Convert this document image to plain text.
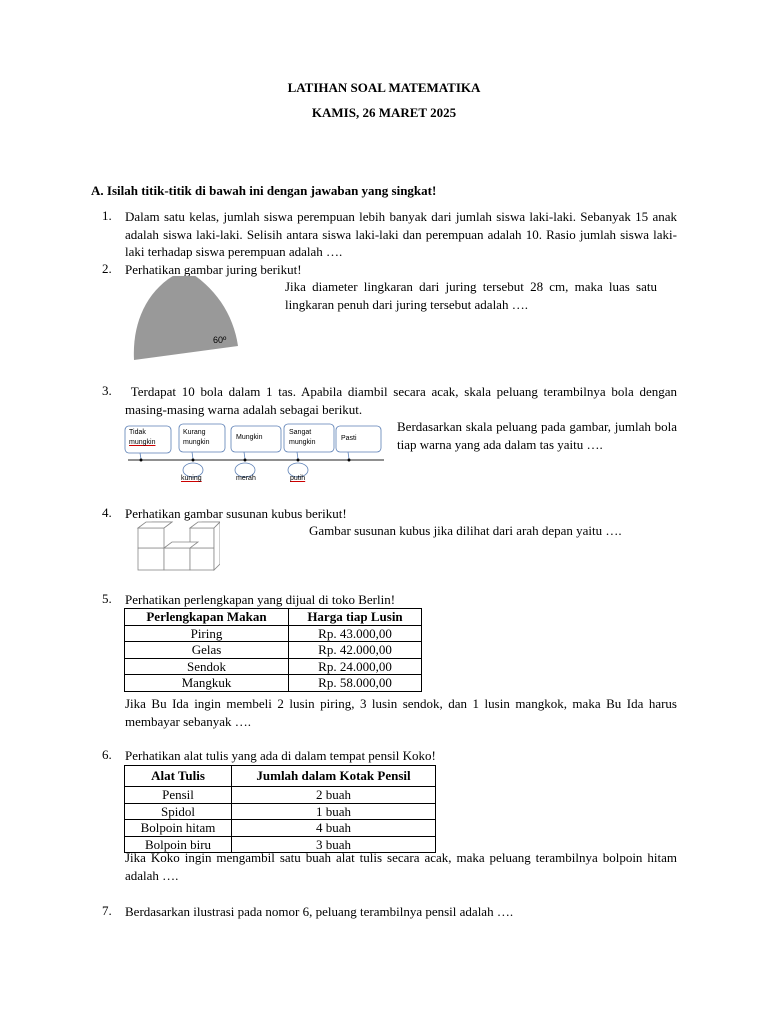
LATIHAN SOAL MATEMATIKA
KAMIS, 26 MARET 2025
A. Isilah titik-titik di bawah ini dengan jawaban yang singkat!
1. Dalam satu kelas, jumlah siswa perempuan lebih banyak dari jumlah siswa laki-laki. Sebanyak 15 anak adalah siswa laki-laki. Selisih antara siswa laki-laki dan perempuan adalah 10. Rasio jumlah siswa laki-laki terhadap siswa perempuan adalah ….
2. Perhatikan gambar juring berikut!
60º
Jika diameter lingkaran dari juring tersebut 28 cm, maka luas satu lingkaran penuh dari juring tersebut adalah ….
3. Terdapat 10 bola dalam 1 tas. Apabila diambil secara acak, skala peluang terambilnya bola dengan masing-masing warna adalah sebagai berikut.
Tidak
mungkin
Kurang
mungkin
Mungkin
Sangat
mungkin
Pasti
kuning	merah	putih
Berdasarkan skala peluang pada gambar, jumlah bola tiap warna yang ada dalam tas yaitu ….
4. Perhatikan gambar susunan kubus berikut!
Gambar susunan kubus jika dilihat dari arah depan yaitu ….
5. Perhatikan perlengkapan yang dijual di toko Berlin!
Perlengkapan Makan	Harga tiap Lusin
Piring	Rp. 43.000,00
Gelas	Rp. 42.000,00
Sendok	Rp. 24.000,00
Mangkuk	Rp. 58.000,00
Jika Bu Ida ingin membeli 2 lusin piring, 3 lusin sendok, dan 1 lusin mangkok, maka Bu Ida harus membayar sebanyak ….
6. Perhatikan alat tulis yang ada di dalam tempat pensil Koko!
Alat Tulis	Jumlah dalam Kotak Pensil
Pensil	2 buah
Spidol	1 buah
Bolpoin hitam	4 buah
Bolpoin biru	3 buah
Jika Koko ingin mengambil satu buah alat tulis secara acak, maka peluang terambilnya bolpoin hitam adalah ….
7. Berdasarkan ilustrasi pada nomor 6, peluang terambilnya pensil adalah ….
